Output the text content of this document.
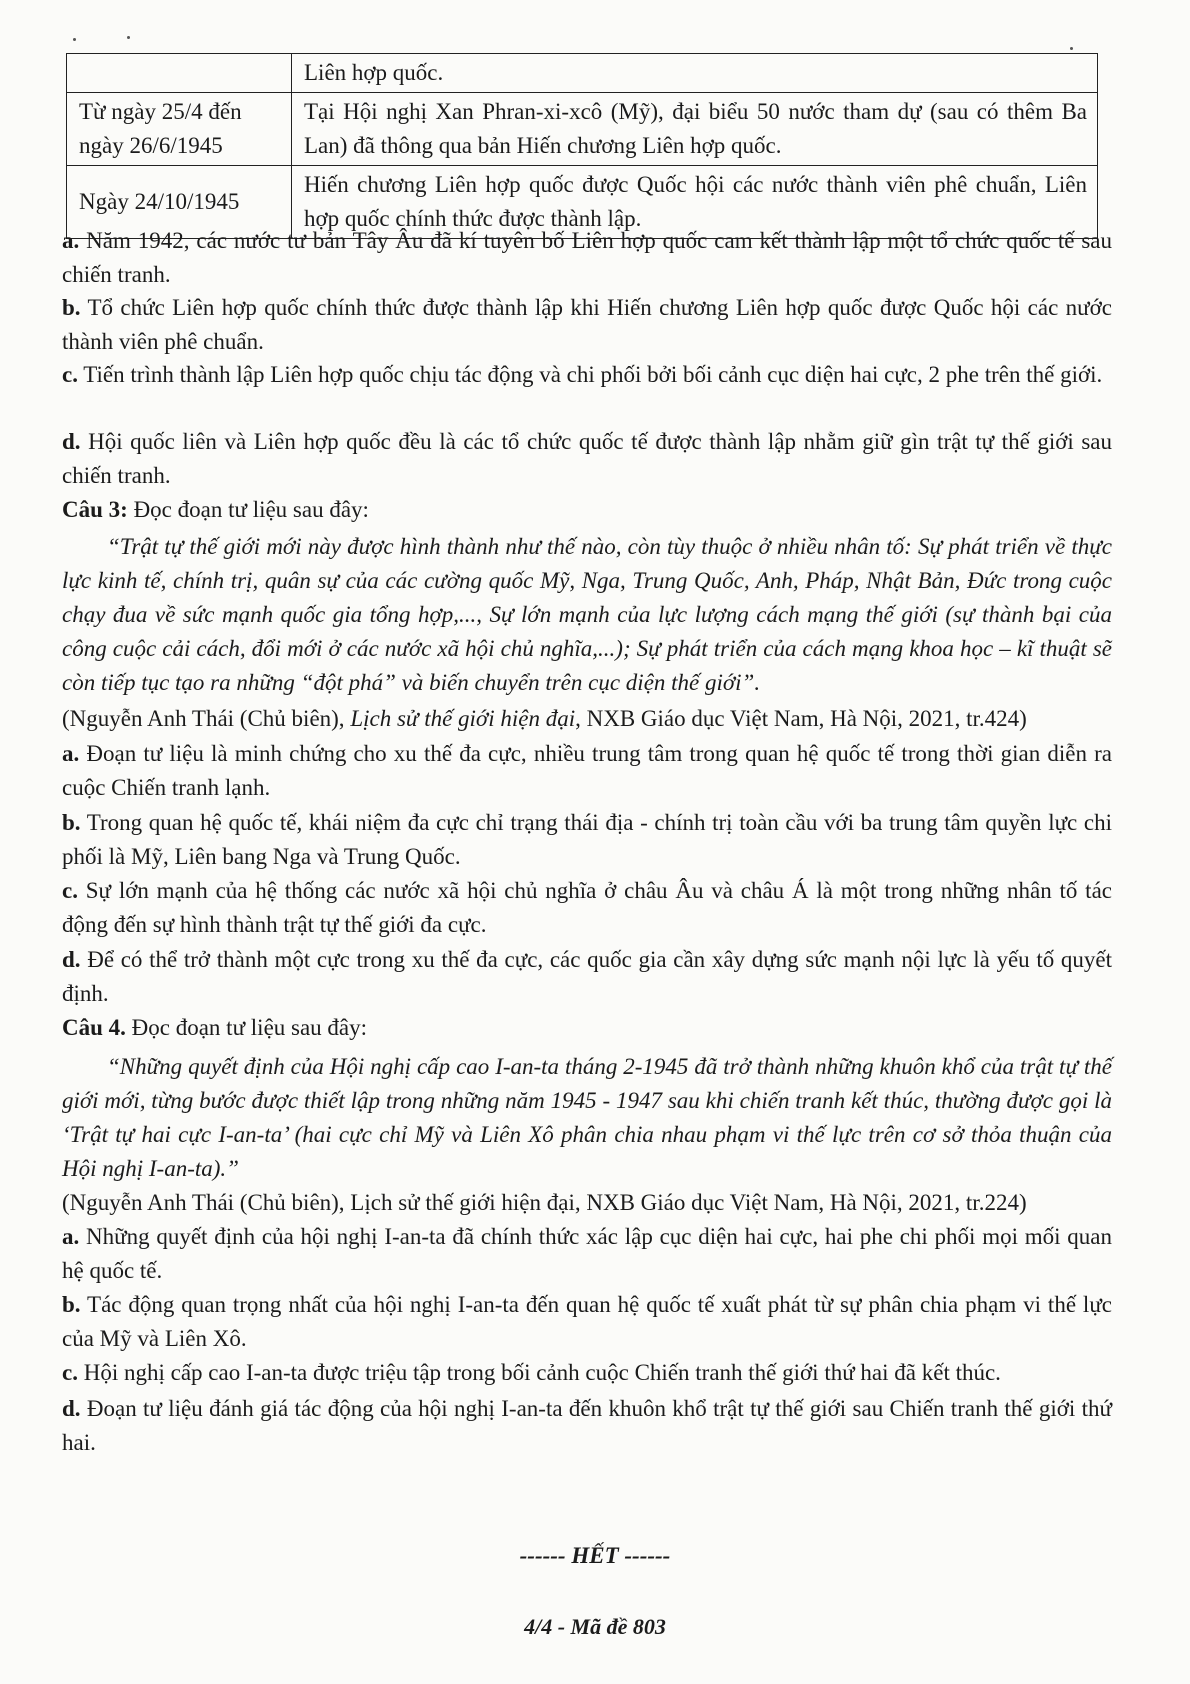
	Liên hợp quốc.
Từ ngày 25/4 đến ngày 26/6/1945	Tại Hội nghị Xan Phran-xi-xcô (Mỹ), đại biểu 50 nước tham dự (sau có thêm Ba Lan) đã thông qua bản Hiến chương Liên hợp quốc.
Ngày 24/10/1945	Hiến chương Liên hợp quốc được Quốc hội các nước thành viên phê chuẩn, Liên hợp quốc chính thức được thành lập.
a. Năm 1942, các nước tư bản Tây Âu đã kí tuyên bố Liên hợp quốc cam kết thành lập một tổ chức quốc tế sau chiến tranh.
b. Tổ chức Liên hợp quốc chính thức được thành lập khi Hiến chương Liên hợp quốc được Quốc hội các nước thành viên phê chuẩn.
c. Tiến trình thành lập Liên hợp quốc chịu tác động và chi phối bởi bối cảnh cục diện hai cực, 2 phe trên thế giới.
d. Hội quốc liên và Liên hợp quốc đều là các tổ chức quốc tế được thành lập nhằm giữ gìn trật tự thế giới sau chiến tranh.
Câu 3: Đọc đoạn tư liệu sau đây:
“Trật tự thế giới mới này được hình thành như thế nào, còn tùy thuộc ở nhiều nhân tố: Sự phát triển về thực lực kinh tế, chính trị, quân sự của các cường quốc Mỹ, Nga, Trung Quốc, Anh, Pháp, Nhật Bản, Đức trong cuộc chạy đua về sức mạnh quốc gia tổng hợp,..., Sự lớn mạnh của lực lượng cách mạng thế giới (sự thành bại của công cuộc cải cách, đổi mới ở các nước xã hội chủ nghĩa,...); Sự phát triển của cách mạng khoa học – kĩ thuật sẽ còn tiếp tục tạo ra những “đột phá” và biến chuyển trên cục diện thế giới”.
(Nguyễn Anh Thái (Chủ biên), Lịch sử thế giới hiện đại, NXB Giáo dục Việt Nam, Hà Nội, 2021, tr.424)
a. Đoạn tư liệu là minh chứng cho xu thế đa cực, nhiều trung tâm trong quan hệ quốc tế trong thời gian diễn ra cuộc Chiến tranh lạnh.
b. Trong quan hệ quốc tế, khái niệm đa cực chỉ trạng thái địa - chính trị toàn cầu với ba trung tâm quyền lực chi phối là Mỹ, Liên bang Nga và Trung Quốc.
c. Sự lớn mạnh của hệ thống các nước xã hội chủ nghĩa ở châu Âu và châu Á là một trong những nhân tố tác động đến sự hình thành trật tự thế giới đa cực.
d. Để có thể trở thành một cực trong xu thế đa cực, các quốc gia cần xây dựng sức mạnh nội lực là yếu tố quyết định.
Câu 4. Đọc đoạn tư liệu sau đây:
“Những quyết định của Hội nghị cấp cao I-an-ta tháng 2-1945 đã trở thành những khuôn khổ của trật tự thế giới mới, từng bước được thiết lập trong những năm 1945 - 1947 sau khi chiến tranh kết thúc, thường được gọi là ‘Trật tự hai cực I-an-ta’ (hai cực chỉ Mỹ và Liên Xô phân chia nhau phạm vi thế lực trên cơ sở thỏa thuận của Hội nghị I-an-ta).”
(Nguyễn Anh Thái (Chủ biên), Lịch sử thế giới hiện đại, NXB Giáo dục Việt Nam, Hà Nội, 2021, tr.224)
a. Những quyết định của hội nghị I-an-ta đã chính thức xác lập cục diện hai cực, hai phe chi phối mọi mối quan hệ quốc tế.
b. Tác động quan trọng nhất của hội nghị I-an-ta đến quan hệ quốc tế xuất phát từ sự phân chia phạm vi thế lực của Mỹ và Liên Xô.
c. Hội nghị cấp cao I-an-ta được triệu tập trong bối cảnh cuộc Chiến tranh thế giới thứ hai đã kết thúc.
d. Đoạn tư liệu đánh giá tác động của hội nghị I-an-ta đến khuôn khổ trật tự thế giới sau Chiến tranh thế giới thứ hai.
------ HẾT ------
4/4 - Mã đề 803
